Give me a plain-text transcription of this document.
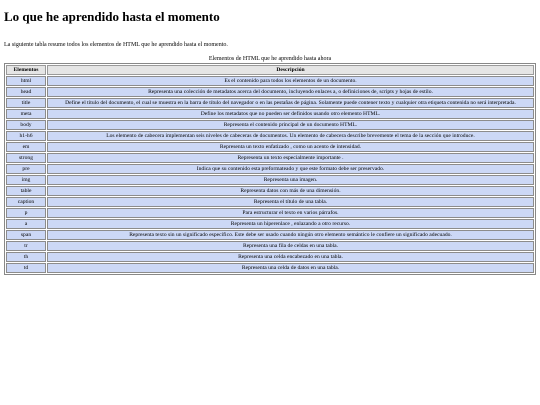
Lo que he aprendido hasta el momento

La siguiente tabla resume todos los elementos de HTML que he aprendido hasta el momento.

Elementos de HTML que he aprendido hasta ahora
Elementos	Descripción
html	Es el contenido para todos los elementos de un documento.
head	Representa una colección de metadatos acerca del documento, incluyendo enlaces a, o definiciones de, scripts y hojas de estilo.
title	Define el título del documento, el cual se muestra en la barra de título del navegador o en las pestañas de página. Solamente puede contener texto y cualquier otra etiqueta contenida no será interpretada.
meta	Define los metadatos que no pueden ser definidos usando otro elemento HTML.
body	Representa el contenido principal de un documento HTML.
h1-h6	Los elemento de cabecera implementan seis niveles de cabeceras de documentos. Un elemento de cabecera describe brevemente el tema de la sección que introduce.
em	Representa un texto enfatizado , como un acento de intensidad.
strong	Representa un texto especialmente importante .
pre	Indica que su contenido esta preformateado y que este formato debe ser preservado.
img	Representa una imagen.
table	Representa datos con más de una dimensión.
caption	Representa el título de una tabla.
p	Para estructurar el texto en varios párrafos.
a	Representa un hiperenlace , enlazando a otro recurso.
span	Representa texto sin un significado específico. Este debe ser usado cuando ningún otro elemento semántico le confiere un significado adecuado.
tr	Representa una fila de celdas en una tabla.
th	Representa una celda encabezado en una tabla.
td	Representa una celda de datos en una tabla.
